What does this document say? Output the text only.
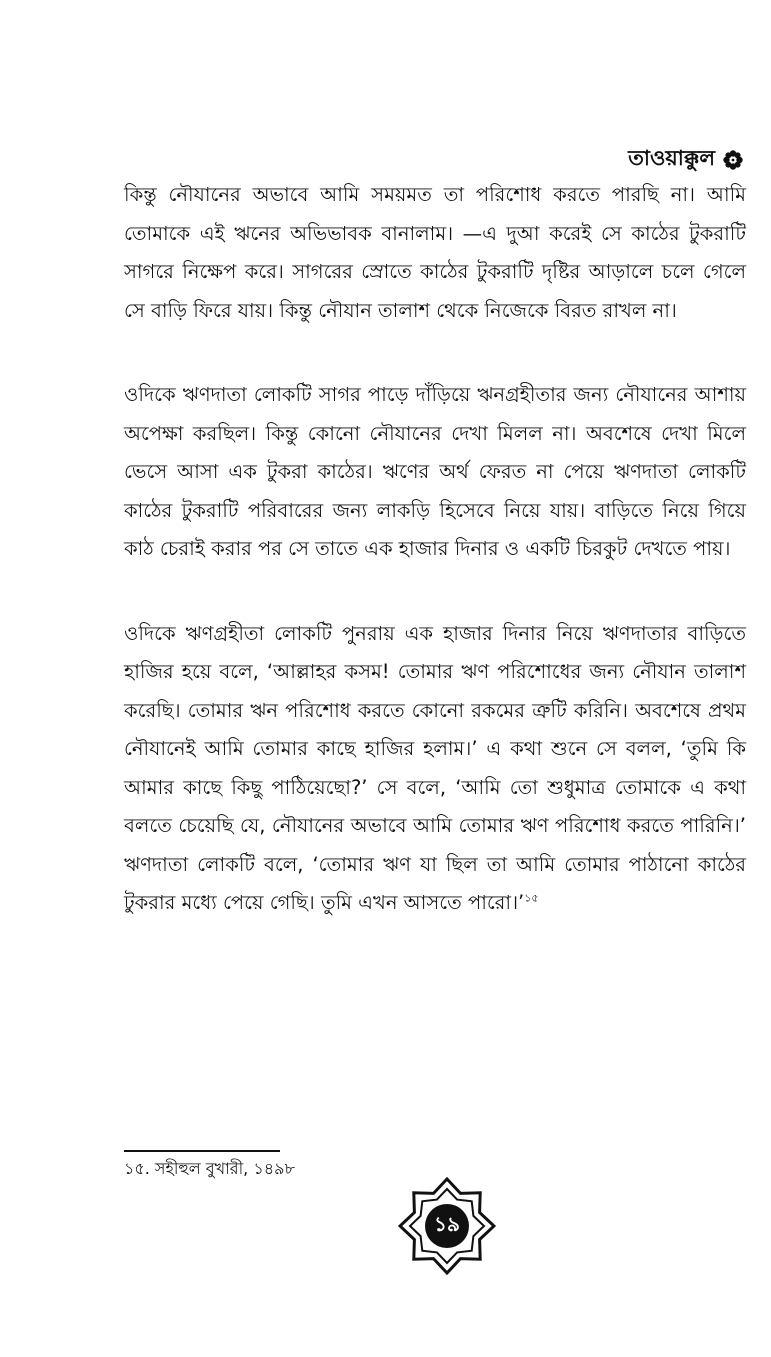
তাওয়াক্কুল

কিন্তু নৌযানের অভাবে আমি সময়মত তা পরিশোধ করতে পারছি না। আমি তোমাকে এই ঋনের অভিভাবক বানালাম। —এ দুআ করেই সে কাঠের টুকরাটি সাগরে নিক্ষেপ করে। সাগরের স্রোতে কাঠের টুকরাটি দৃষ্টির আড়ালে চলে গেলে সে বাড়ি ফিরে যায়। কিন্তু নৌযান তালাশ থেকে নিজেকে বিরত রাখল না।

ওদিকে ঋণদাতা লোকটি সাগর পাড়ে দাঁড়িয়ে ঋনগ্রহীতার জন্য নৌযানের আশায় অপেক্ষা করছিল। কিন্তু কোনো নৌযানের দেখা মিলল না। অবশেষে দেখা মিলে ভেসে আসা এক টুকরা কাঠের। ঋণের অর্থ ফেরত না পেয়ে ঋণদাতা লোকটি কাঠের টুকরাটি পরিবারের জন্য লাকড়ি হিসেবে নিয়ে যায়। বাড়িতে নিয়ে গিয়ে কাঠ চেরাই করার পর সে তাতে এক হাজার দিনার ও একটি চিরকুট দেখতে পায়।

ওদিকে ঋণগ্রহীতা লোকটি পুনরায় এক হাজার দিনার নিয়ে ঋণদাতার বাড়িতে হাজির হয়ে বলে, ‘আল্লাহর কসম! তোমার ঋণ পরিশোধের জন্য নৌযান তালাশ করেছি। তোমার ঋন পরিশোধ করতে কোনো রকমের ত্রুটি করিনি। অবশেষে প্রথম নৌযানেই আমি তোমার কাছে হাজির হলাম।’ এ কথা শুনে সে বলল, ‘তুমি কি আমার কাছে কিছু পাঠিয়েছো?’ সে বলে, ‘আমি তো শুধুমাত্র তোমাকে এ কথা বলতে চেয়েছি যে, নৌযানের অভাবে আমি তোমার ঋণ পরিশোধ করতে পারিনি।’ ঋণদাতা লোকটি বলে, ‘তোমার ঋণ যা ছিল তা আমি তোমার পাঠানো কাঠের টুকরার মধ্যে পেয়ে গেছি। তুমি এখন আসতে পারো।’$^{১৫}$

১৫. সহীহুল বুখারী, ১৪৯৮
১৯
